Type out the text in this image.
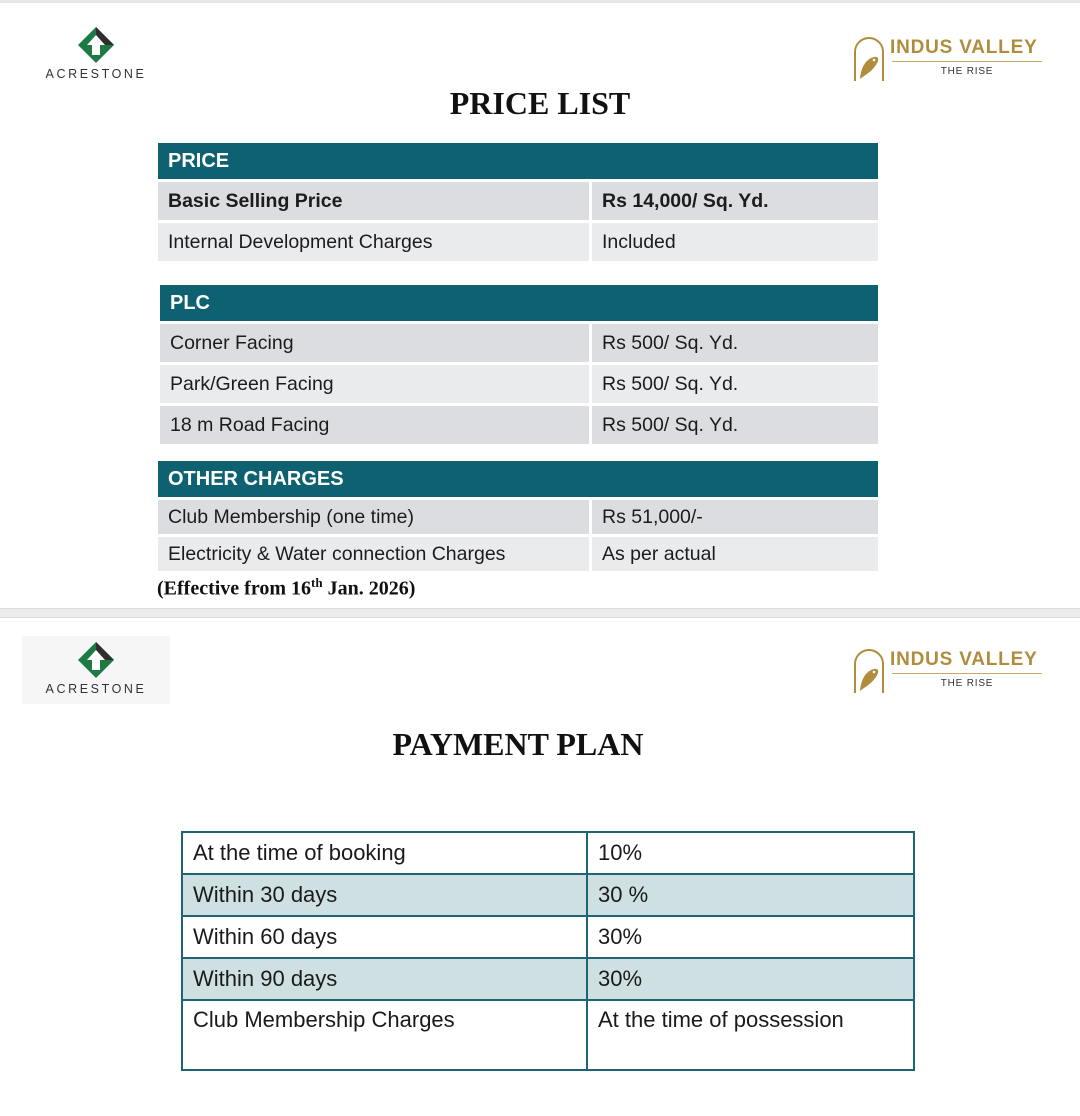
ACRESTONE
INDUS VALLEY
THE RISE
PRICE LIST
PRICE	
Basic Selling Price	Rs 14,000/ Sq. Yd.
Internal Development Charges	Included
PLC	
Corner Facing	Rs 500/ Sq. Yd.
Park/Green Facing	Rs 500/ Sq. Yd.
18 m Road Facing	Rs 500/ Sq. Yd.
OTHER CHARGES	
Club Membership (one time)	Rs 51,000/-
Electricity & Water connection Charges	As per actual
(Effective from 16th Jan. 2026)
ACRESTONE
INDUS VALLEY
THE RISE
PAYMENT PLAN
At the time of booking	10%
Within 30 days	30 %
Within 60 days	30%
Within 90 days	30%
Club Membership Charges	At the time of possession
